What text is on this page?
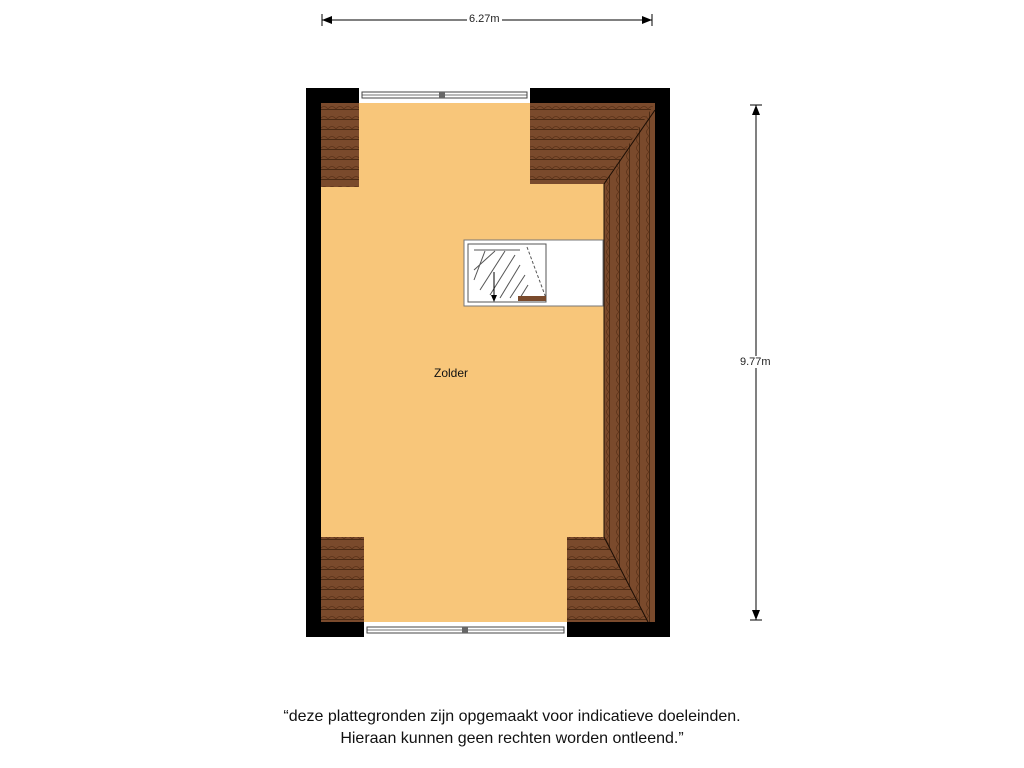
6.27m
9.77m
Zolder
“deze plattegronden zijn opgemaakt voor indicatieve doeleinden.
Hieraan kunnen geen rechten worden ontleend.”
